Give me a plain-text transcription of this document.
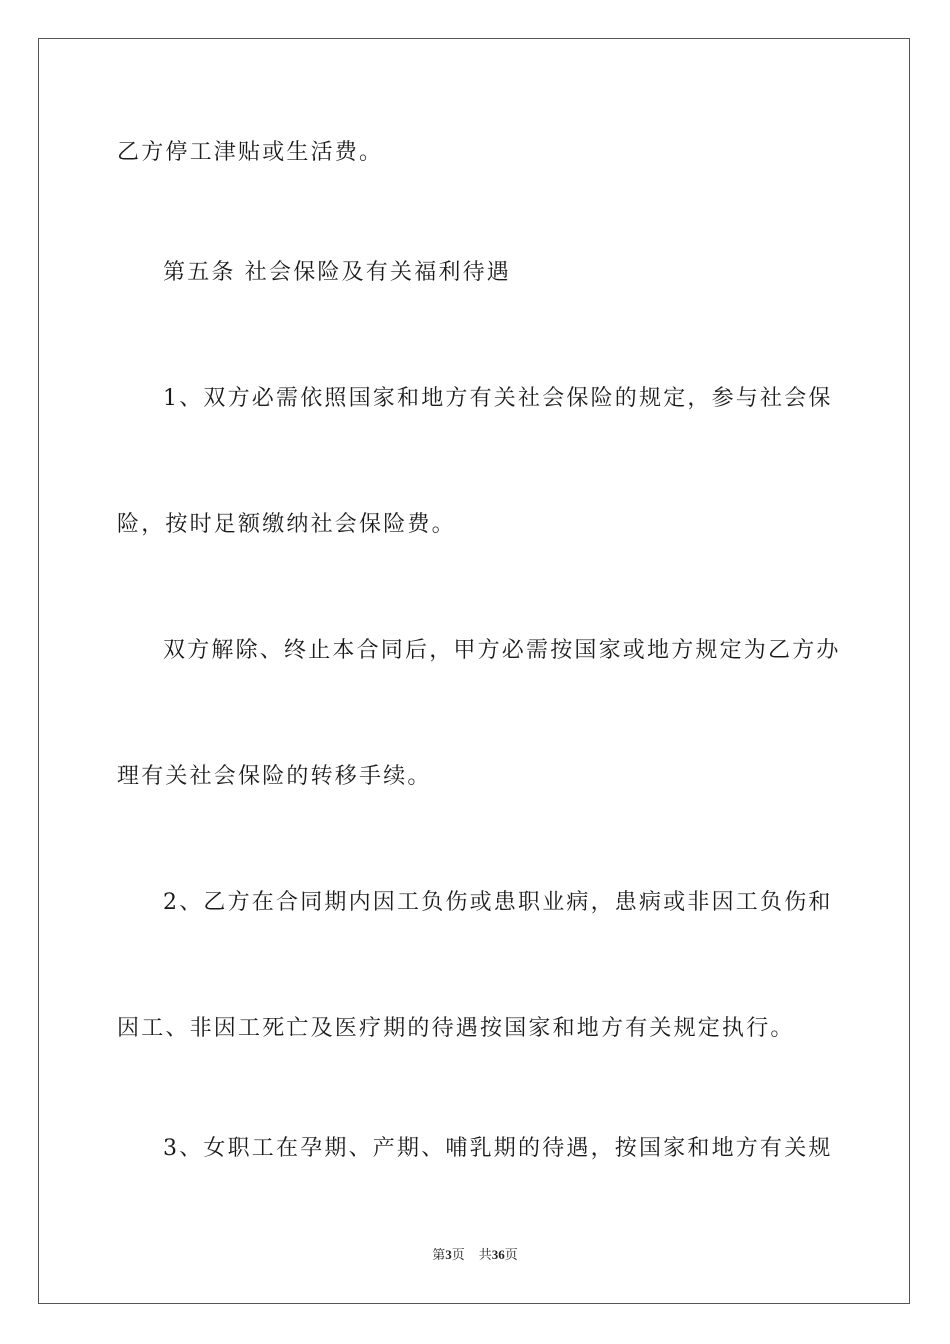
乙方停工津贴或生活费。
第五条 社会保险及有关福利待遇
1、双方必需依照国家和地方有关社会保险的规定，参与社会保
险，按时足额缴纳社会保险费。
双方解除、终止本合同后，甲方必需按国家或地方规定为乙方办
理有关社会保险的转移手续。
2、乙方在合同期内因工负伤或患职业病，患病或非因工负伤和
因工、非因工死亡及医疗期的待遇按国家和地方有关规定执行。
3、女职工在孕期、产期、哺乳期的待遇，按国家和地方有关规
第3页 共36页
